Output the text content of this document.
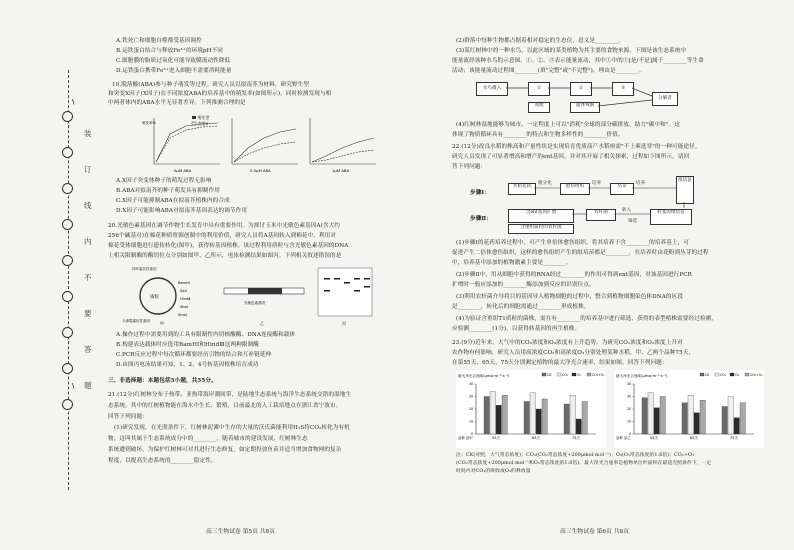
\
\
装
订
线
内
不
要
答
题
A.铁死亡和细胞自噬都受基因调控
B.运铁蛋白结合与释放Fe³⁺的环境pH不同
C.细胞膜的脂质过氧化可能导致膜流动性降低
D.运铁蛋白携带Fe³⁺进入细胞不需要消耗能量
19.脱落酸(ABA)参与种子萌发等过程。研究人员以拟南芥为材料，研究野生型
和突变X因子(X因子)在不同浓度ABA的培养基中的萌发率(如图所示)，同时检测发现与相
中两者体内的ABA水平无显著差异。下列推测合理的是
萌发率%
野生型
突变X
0μM ABA	0.5μM ABA	1μM ABA
A.X因子突变体种子的萌发过程无影响
B.ABA对拟南芥的种子萌发具有抑制作用
C.X因子可能抑制ABA在拟南芥植株内的合成
D.X因子可能影响ABA对拟南芥基因表达的调节作用
20.光敏色素基因在调节作物生长发育中具有重要作用。为探讨玉米中光敏色素基因A(含大约
256个碱基对)在棉花种质资源创制中的利用价值，研究人员将A基因转入到棉花中，利用对
棉花受体细胞进行遗传转化(图甲)，获得转基因植株。该过程利用质粒与含光敏色素基因的DNA
上相关限制酶的酶切位点分别如图甲、乙所示，电泳检测结果如图丙。下列相关叙述错误的是
质粒
四环素抗性基因
BamHⅠ
SacⅠ
HindⅢ
XbaⅠ
SmaⅠ
卡那霉素抗性基因
光敏色素基因
甲	乙	丙
A.操作过程中需要用到的工具有限制性内切核酸酶、DNA连接酶和载体
B.构建表达载体时应选用BamHⅠ和HindⅢ这两种限制酶
C.PCR反应过程中每次循环都要经历引物的结合和互补链延伸
D.由图丙电泳结果可知，1、2、4号转基因植株培育成功
三、非选择题：本题包括5小题，共55分。
21.(12分)红树林分布于热带、亚热带海岸潮间带，是陆地生态系统与海洋生态系统交错的湿地生
态系统。其中的红树植物能在海水中生长、繁殖，目前最北的人工栽培地点在浙江省宁波市。
回答下列问题：
(1)研究发现，在光照条件下，红树林泥滩中生存的大量的沃氏菌能利用H₂S将CO₂转化为有机
物，这叫其属于生态系统成分中的________。随着城市的建设发展，红树林生态
系统遭到破坏，为保护红树林可对其进行生态修复，如定期投放鱼苗并适当增加食物网的复杂
程度，以提高生态系统的________稳定性。
高三生物试卷 第5页 共8页
(2)群落中每种生物都占据着相对稳定的生态位，意义是________。
(3)某红树林中的一种水鸟，以此区域的某类植物为其主要的食物来源。下图是该生态系统中
能量流经该种水鸟的示意图。①、②、③表示能量流动，其中①中的①[是/不是]属于________等生命
活动；该能量流动过程图________(填"完整"或"不完整")，理由是________。
水鸟摄入	①	②	③
粪便	遗体残骸
分解者
(4)红树林湿地能够为城市，一定程度上可以"消耗"全球的部分碳排放，助力"碳中和"。这
体现了物质循环具有________的特点和生物多样性的________价值。
22.(12分)改良水稻的株高和产量性状是实现培育优质高产水稻亟需"不上乘选穿"的一种可能途径。
研究人员发现了可显著增高和增产的ent基因，并对其开展了相关探索，过程如下图所示，请回
答下列问题：
步骤Ⅰ：
水稻花药
脱分化
愈伤组织
培养
丛芽
培养
组培苗
步骤Ⅱ：
含ent基因扩增	农杆菌	转入
含重组质粒的农杆菌
筛选
转基因组培苗
(1)步骤Ⅰ的花药培养过程中，可产生单倍体愈伤组织，将其培养于含________的培养基上，可
促进产生二倍体愈伤组织，这样的愈伤组织产生的组培苗都是________，在培养时由花粉到丛芽的过程
中，培养基中添加的植物激素主要是________。
(2)步骤Ⅱ中，用从细胞中获得的RNA经过________的作用可得到ent基因，对该基因进行PCR
扩增时一般应添加的________酶添加到反应的识别位点。
(3)利用农杆菌介导将目的基因导入植物细胞的过程中，整合到植物细胞染色体DNA的区段
是________，转化后的细胞需通过________形成植株。
(4)为验证含重组T1质粒的菌株，需在有________的培养基中进行筛选，获得的表型植株需要经过检测，
应检测________(1分)，以获得转基因的再生植株。
23.(9分)近年来，大气中的CO₂浓度和O₃浓度有上升趋势。为研究CO₂浓度和O₃浓度上升对
农作物有何影响，研究人员用高浓度CO₂和高浓度O₃分别处理某种水稻，甲、乙两个品种75天，
在第55天、65天、75天分别测定植物的最大净光合速率，结果如图。回答下列问题：
最大净光合速率(μmol·m⁻²·s⁻¹)	CK	CO₂	O₃	CO₂+O₃
0
10
20
30
40
55天	65天	75天
品种 品甲
最大净光合速率(μmol·m⁻²·s⁻¹)	CK	CO₂	O₃	CO₂+O₃
0
10
20
30
40
55天	65天	75天
品种 品乙
注：CK(对照，大气常态浓度)；CO₂(CO₂常态浓度+200μmol·mol⁻¹)；O₃(O₃常态浓度的1.6倍)；CO₂+O₃
(CO₂常态浓度+200μmol·mol⁻¹和O₃常态浓度的1.6倍)。最大净光合速率是植物单位叶面积在最适光照条件下，一定
时间内对CO₂的吸收或O₂的释放量
高三生物试卷 第6页 共8页
